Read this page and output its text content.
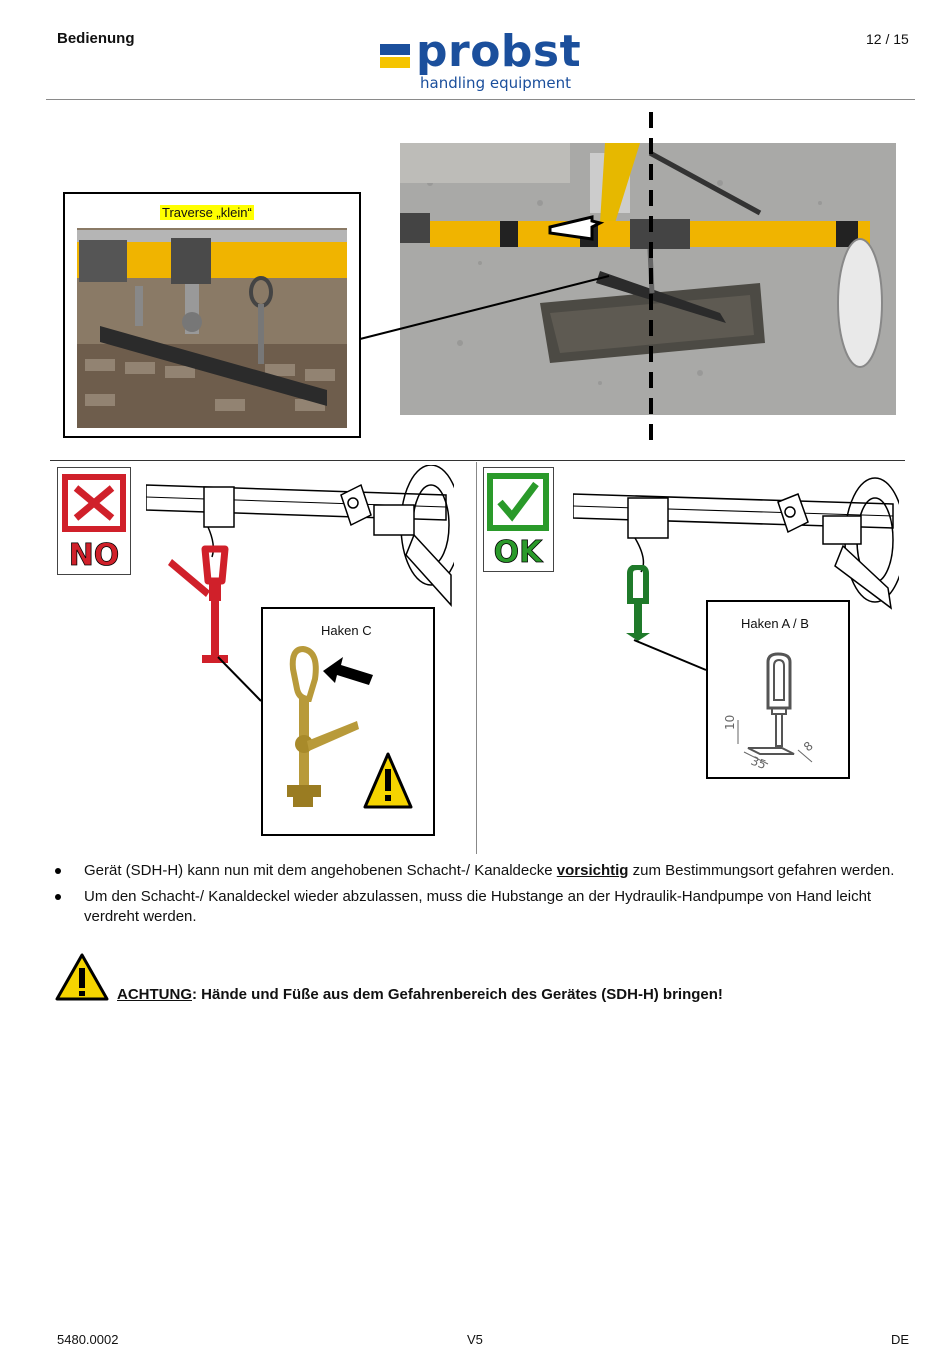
Bedienung	12 / 15
probst
handling equipment
Traverse „klein“
NO
Haken C
OK
10
35
8
Haken A / B
Gerät (SDH-H) kann nun mit dem angehobenen Schacht-/ Kanaldecke vorsichtig zum Bestimmungsort gefahren werden.
Um den Schacht-/ Kanaldeckel wieder abzulassen, muss die Hubstange an der Hydraulik-Handpumpe von Hand leicht verdreht werden.
ACHTUNG: Hände und Füße aus dem Gefahrenbereich des Gerätes (SDH-H) bringen!
5480.0002	V5	DE
